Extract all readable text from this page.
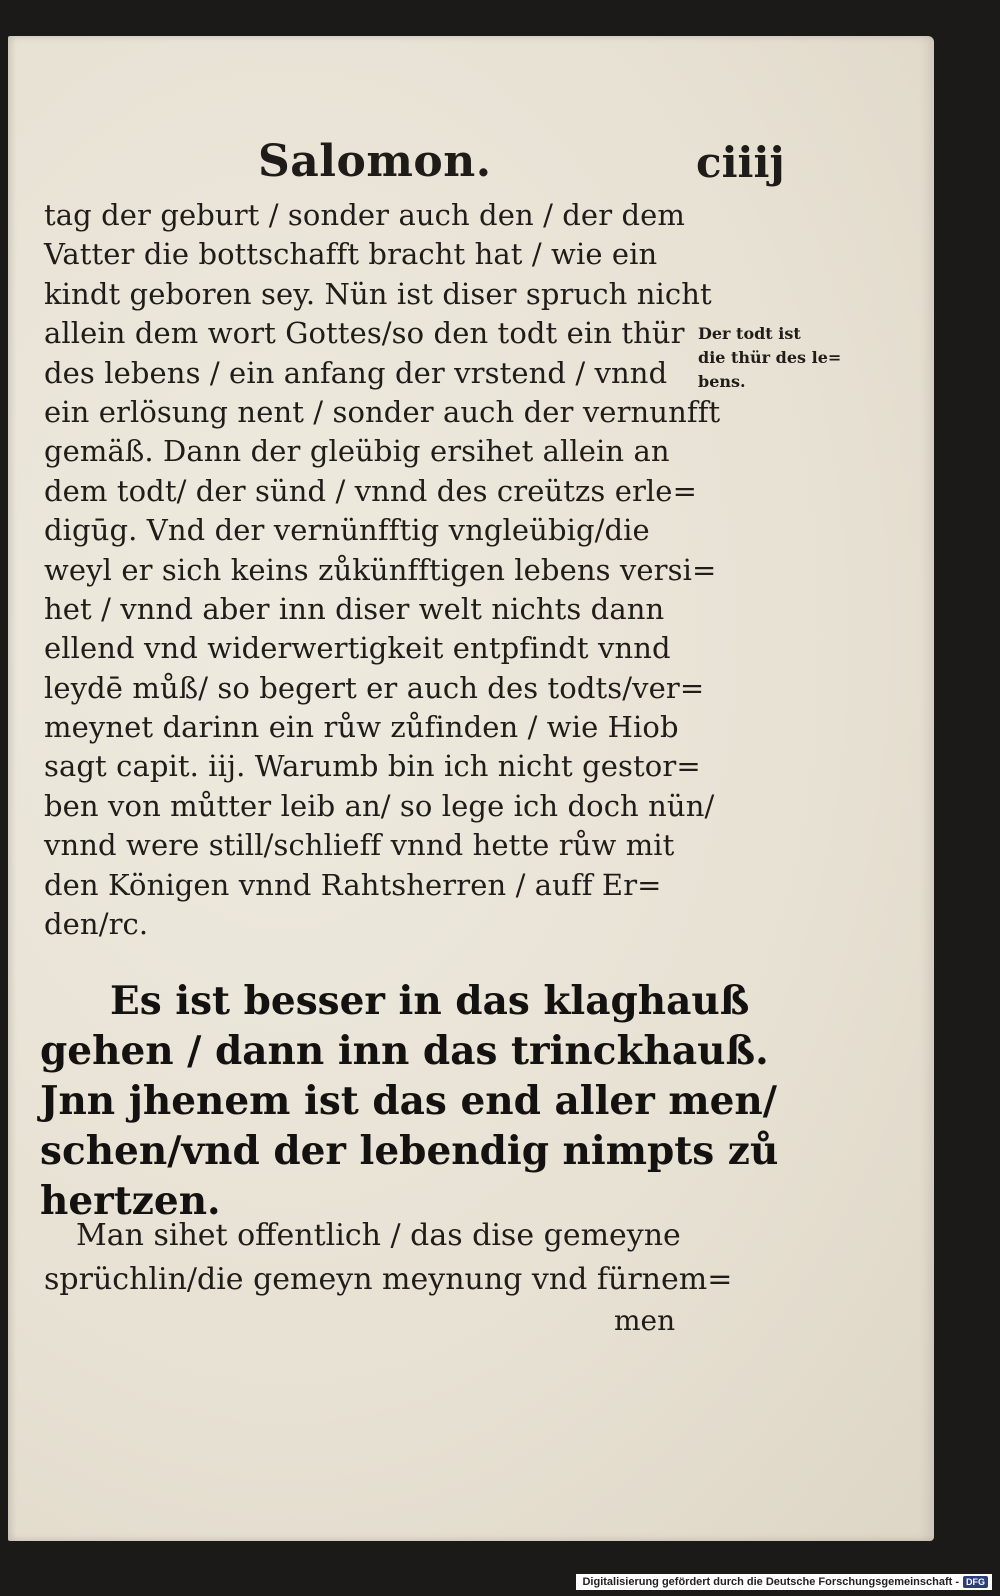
Salomon.	ciiij
tag der geburt / sonder auch den / der dem
Vatter die bottschafft bracht hat / wie ein
kindt geboren sey. Nün ist diser spruch nicht
allein dem wort Gottes/so den todt ein thür
des lebens / ein anfang der vrstend / vnnd
ein erlösung nent / sonder auch der vernunfft
gemäß. Dann der gleübig ersihet allein an
dem todt/ der sünd / vnnd des creützs erle=
digūg. Vnd der vernünfftig vngleübig/die
weyl er sich keins zůkünfftigen lebens versi=
het / vnnd aber inn diser welt nichts dann
ellend vnd widerwertigkeit entpfindt vnnd
leydē můß/ so begert er auch des todts/ver=
meynet darinn ein růw zůfinden / wie Hiob
sagt capit. iij. Warumb bin ich nicht gestor=
ben von můtter leib an/ so lege ich doch nün/
vnnd were still/schlieff vnnd hette růw mit
den Königen vnnd Rahtsherren / auff Er=
den/rc.
Der todt ist
die thür des le=
bens.
Es ist besser in das klaghauß
gehen / dann inn das trinckhauß.
Jnn jhenem ist das end aller men/
schen/vnd der lebendig nimpts zů
hertzen.
Man sihet offentlich / das dise gemeyne
sprüchlin/die gemeyn meynung vnd fürnem=
men
Digitalisierung gefördert durch die Deutsche Forschungsgemeinschaft - DFG
